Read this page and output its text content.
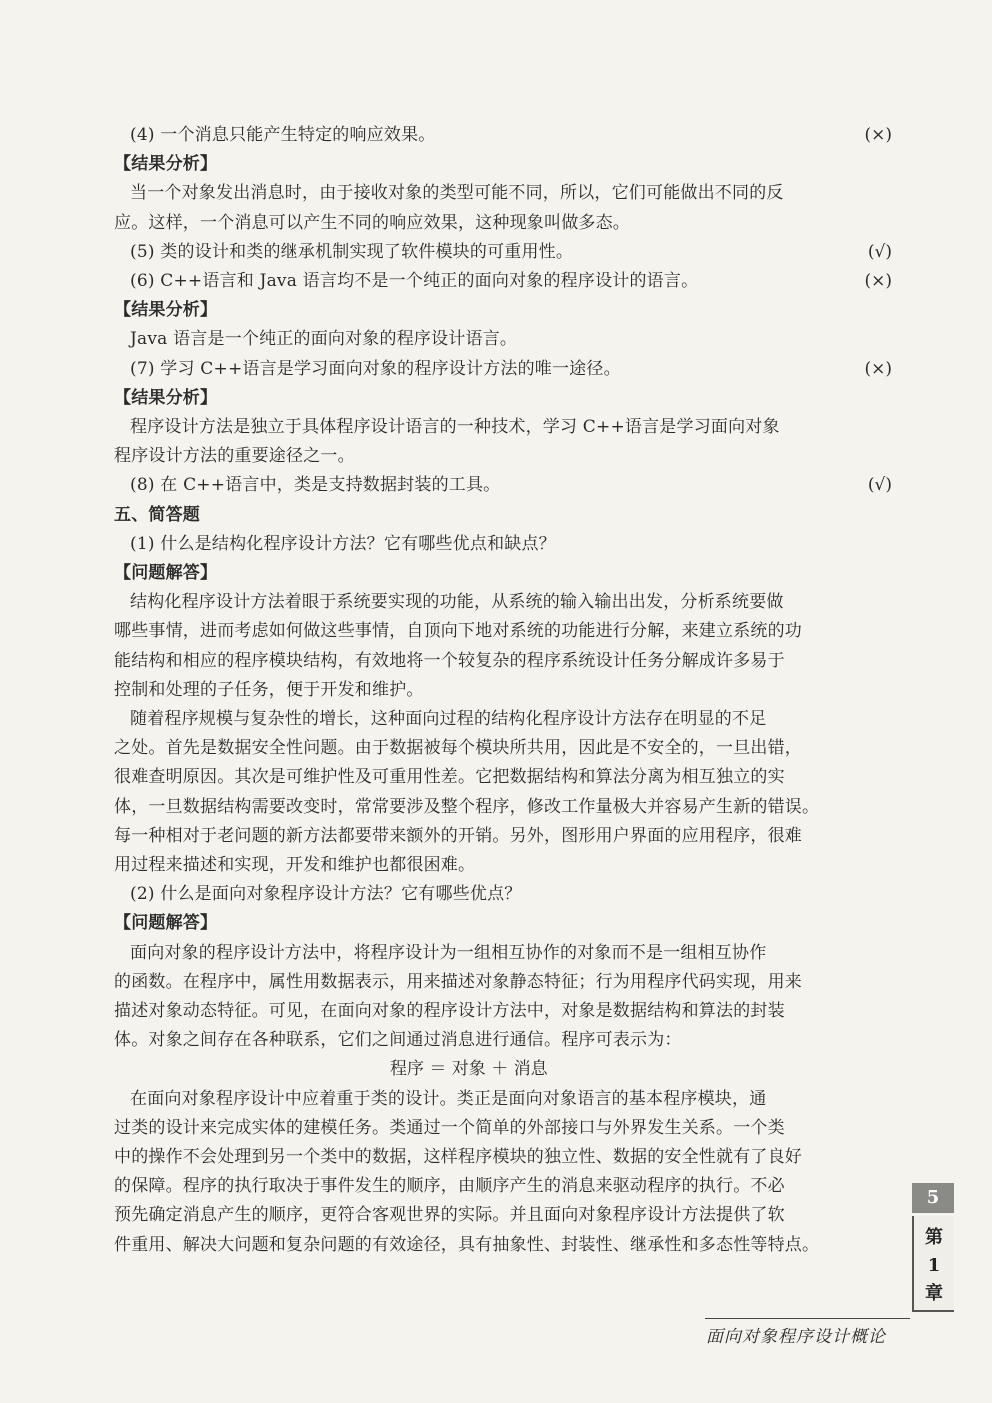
(4) 一个消息只能产生特定的响应效果。	(×)
【结果分析】
当一个对象发出消息时，由于接收对象的类型可能不同，所以，它们可能做出不同的反
应。这样，一个消息可以产生不同的响应效果，这种现象叫做多态。
(5) 类的设计和类的继承机制实现了软件模块的可重用性。	(√)
(6) C++语言和 Java 语言均不是一个纯正的面向对象的程序设计的语言。	(×)
【结果分析】
Java 语言是一个纯正的面向对象的程序设计语言。
(7) 学习 C++语言是学习面向对象的程序设计方法的唯一途径。	(×)
【结果分析】
程序设计方法是独立于具体程序设计语言的一种技术，学习 C++语言是学习面向对象
程序设计方法的重要途径之一。
(8) 在 C++语言中，类是支持数据封装的工具。	(√)
五、简答题
(1) 什么是结构化程序设计方法？它有哪些优点和缺点？
【问题解答】
结构化程序设计方法着眼于系统要实现的功能，从系统的输入输出出发，分析系统要做
哪些事情，进而考虑如何做这些事情，自顶向下地对系统的功能进行分解，来建立系统的功
能结构和相应的程序模块结构，有效地将一个较复杂的程序系统设计任务分解成许多易于
控制和处理的子任务，便于开发和维护。
随着程序规模与复杂性的增长，这种面向过程的结构化程序设计方法存在明显的不足
之处。首先是数据安全性问题。由于数据被每个模块所共用，因此是不安全的，一旦出错，
很难查明原因。其次是可维护性及可重用性差。它把数据结构和算法分离为相互独立的实
体，一旦数据结构需要改变时，常常要涉及整个程序，修改工作量极大并容易产生新的错误。
每一种相对于老问题的新方法都要带来额外的开销。另外，图形用户界面的应用程序，很难
用过程来描述和实现，开发和维护也都很困难。
(2) 什么是面向对象程序设计方法？它有哪些优点？
【问题解答】
面向对象的程序设计方法中，将程序设计为一组相互协作的对象而不是一组相互协作
的函数。在程序中，属性用数据表示，用来描述对象静态特征；行为用程序代码实现，用来
描述对象动态特征。可见，在面向对象的程序设计方法中，对象是数据结构和算法的封装
体。对象之间存在各种联系，它们之间通过消息进行通信。程序可表示为：
程序 ＝ 对象 ＋ 消息
在面向对象程序设计中应着重于类的设计。类正是面向对象语言的基本程序模块，通
过类的设计来完成实体的建模任务。类通过一个简单的外部接口与外界发生关系。一个类
中的操作不会处理到另一个类中的数据，这样程序模块的独立性、数据的安全性就有了良好
的保障。程序的执行取决于事件发生的顺序，由顺序产生的消息来驱动程序的执行。不必
预先确定消息产生的顺序，更符合客观世界的实际。并且面向对象程序设计方法提供了软
件重用、解决大问题和复杂问题的有效途径，具有抽象性、封装性、继承性和多态性等特点。
5
第
1
章
面向对象程序设计概论
